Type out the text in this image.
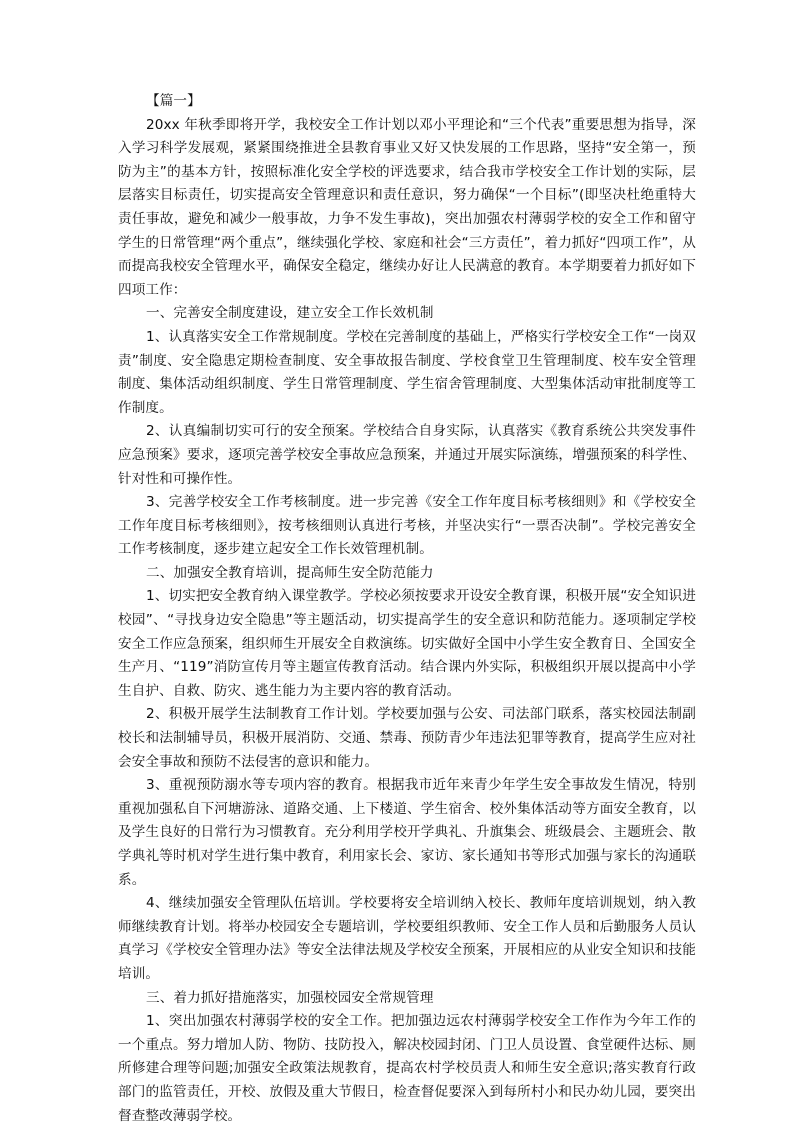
【篇一】

20xx 年秋季即将开学，我校安全工作计划以邓小平理论和“三个代表”重要思想为指导，深入学习科学发展观，紧紧围绕推进全县教育事业又好又快发展的工作思路，坚持“安全第一，预防为主”的基本方针，按照标准化安全学校的评选要求，结合我市学校安全工作计划的实际，层层落实目标责任，切实提高安全管理意识和责任意识，努力确保“一个目标”(即坚决杜绝重特大责任事故，避免和减少一般事故，力争不发生事故)，突出加强农村薄弱学校的安全工作和留守学生的日常管理“两个重点”，继续强化学校、家庭和社会“三方责任”，着力抓好“四项工作”，从而提高我校安全管理水平，确保安全稳定，继续办好让人民满意的教育。本学期要着力抓好如下四项工作：

一、完善安全制度建设，建立安全工作长效机制

1、认真落实安全工作常规制度。学校在完善制度的基础上，严格实行学校安全工作“一岗双责”制度、安全隐患定期检查制度、安全事故报告制度、学校食堂卫生管理制度、校车安全管理制度、集体活动组织制度、学生日常管理制度、学生宿舍管理制度、大型集体活动审批制度等工作制度。

2、认真编制切实可行的安全预案。学校结合自身实际，认真落实《教育系统公共突发事件应急预案》要求，逐项完善学校安全事故应急预案，并通过开展实际演练，增强预案的科学性、针对性和可操作性。

3、完善学校安全工作考核制度。进一步完善《安全工作年度目标考核细则》和《学校安全工作年度目标考核细则》，按考核细则认真进行考核，并坚决实行“一票否决制”。学校完善安全工作考核制度，逐步建立起安全工作长效管理机制。

二、加强安全教育培训，提高师生安全防范能力

1、切实把安全教育纳入课堂教学。学校必须按要求开设安全教育课，积极开展“安全知识进校园”、“寻找身边安全隐患”等主题活动，切实提高学生的安全意识和防范能力。逐项制定学校安全工作应急预案，组织师生开展安全自救演练。切实做好全国中小学生安全教育日、全国安全生产月、“119”消防宣传月等主题宣传教育活动。结合课内外实际，积极组织开展以提高中小学生自护、自救、防灾、逃生能力为主要内容的教育活动。

2、积极开展学生法制教育工作计划。学校要加强与公安、司法部门联系，落实校园法制副校长和法制辅导员，积极开展消防、交通、禁毒、预防青少年违法犯罪等教育，提高学生应对社会安全事故和预防不法侵害的意识和能力。

3、重视预防溺水等专项内容的教育。根据我市近年来青少年学生安全事故发生情况，特别重视加强私自下河塘游泳、道路交通、上下楼道、学生宿舍、校外集体活动等方面安全教育，以及学生良好的日常行为习惯教育。充分利用学校开学典礼、升旗集会、班级晨会、主题班会、散学典礼等时机对学生进行集中教育，利用家长会、家访、家长通知书等形式加强与家长的沟通联系。

4、继续加强安全管理队伍培训。学校要将安全培训纳入校长、教师年度培训规划，纳入教师继续教育计划。将举办校园安全专题培训，学校要组织教师、安全工作人员和后勤服务人员认真学习《学校安全管理办法》等安全法律法规及学校安全预案，开展相应的从业安全知识和技能培训。

三、着力抓好措施落实，加强校园安全常规管理

1、突出加强农村薄弱学校的安全工作。把加强边远农村薄弱学校安全工作作为今年工作的一个重点。努力增加人防、物防、技防投入，解决校园封闭、门卫人员设置、食堂硬件达标、厕所修建合理等问题;加强安全政策法规教育，提高农村学校员责人和师生安全意识;落实教育行政部门的监管责任，开校、放假及重大节假日，检查督促要深入到每所村小和民办幼儿园，要突出督查整改薄弱学校。
